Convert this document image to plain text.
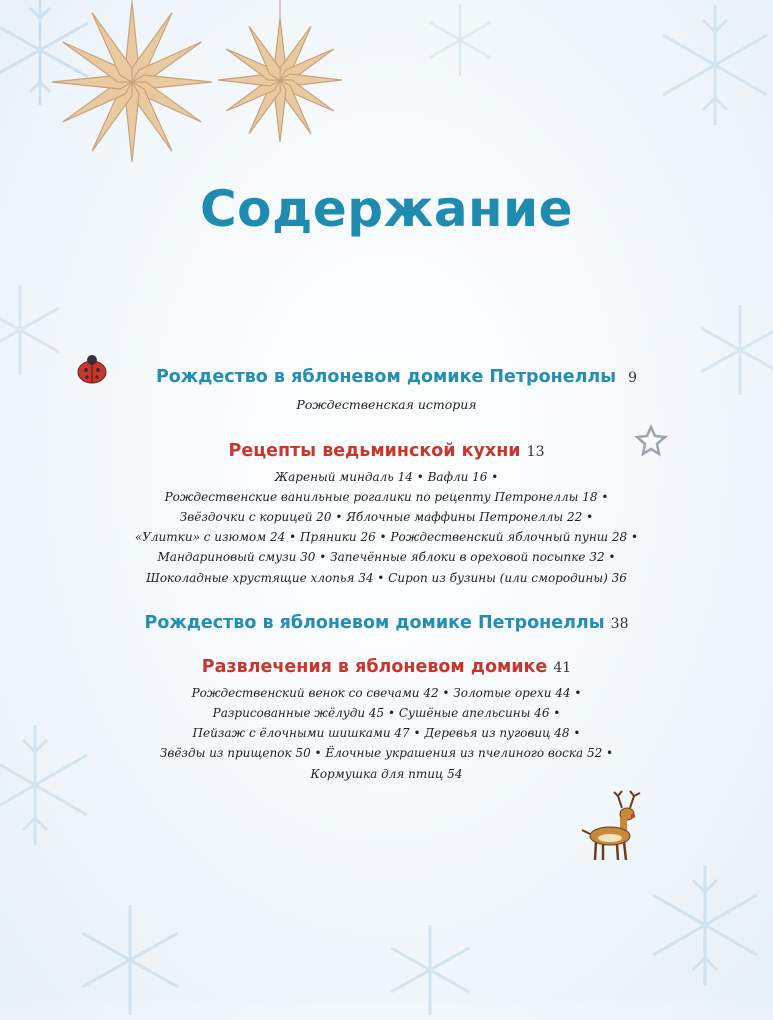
Содержание
Рождество в яблоневом домике Петронеллы 9
Рождественская история
Рецепты ведьминской кухни 13
Жареный миндаль 14 • Вафли 16 •
Рождественские ванильные рогалики по рецепту Петронеллы 18 •
Звёздочки с корицей 20 • Яблочные маффины Петронеллы 22 •
«Улитки» с изюмом 24 • Пряники 26 • Рождественский яблочный пунш 28 •
Мандариновый смузи 30 • Запечённые яблоки в ореховой посыпке 32 •
Шоколадные хрустящие хлопья 34 • Сироп из бузины (или смородины) 36
Рождество в яблоневом домике Петронеллы 38
Развлечения в яблоневом домике 41
Рождественский венок со свечами 42 • Золотые орехи 44 •
Разрисованные жёлуди 45 • Сушёные апельсины 46 •
Пейзаж с ёлочными шишками 47 • Деревья из пуговиц 48 •
Звёзды из прищепок 50 • Ёлочные украшения из пчелиного воска 52 •
Кормушка для птиц 54
